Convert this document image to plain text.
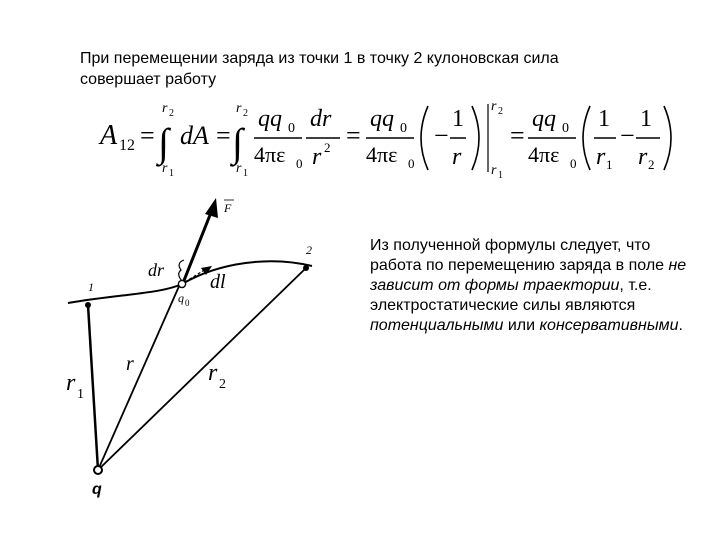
При перемещении заряда из точки 1 в точку 2 кулоновская сила совершает работу
A 12 = ∫
r 2
r 1
dA = ∫
r 2
r 1
qq 0
4πε 0
dr
r 2 =
qq 0
4πε 0
−
1
r
r 2
r 1
=
qq 0
4πε 0
1
r 1
−
1
r 2
Из полученной формулы следует, что работа по перемещению заряда в поле не зависит от формы траектории, т.е. электростатические силы являются потенциальными или консервативными.
F
dr
dl
1
2
q 0
r
r 1
r 2
q
